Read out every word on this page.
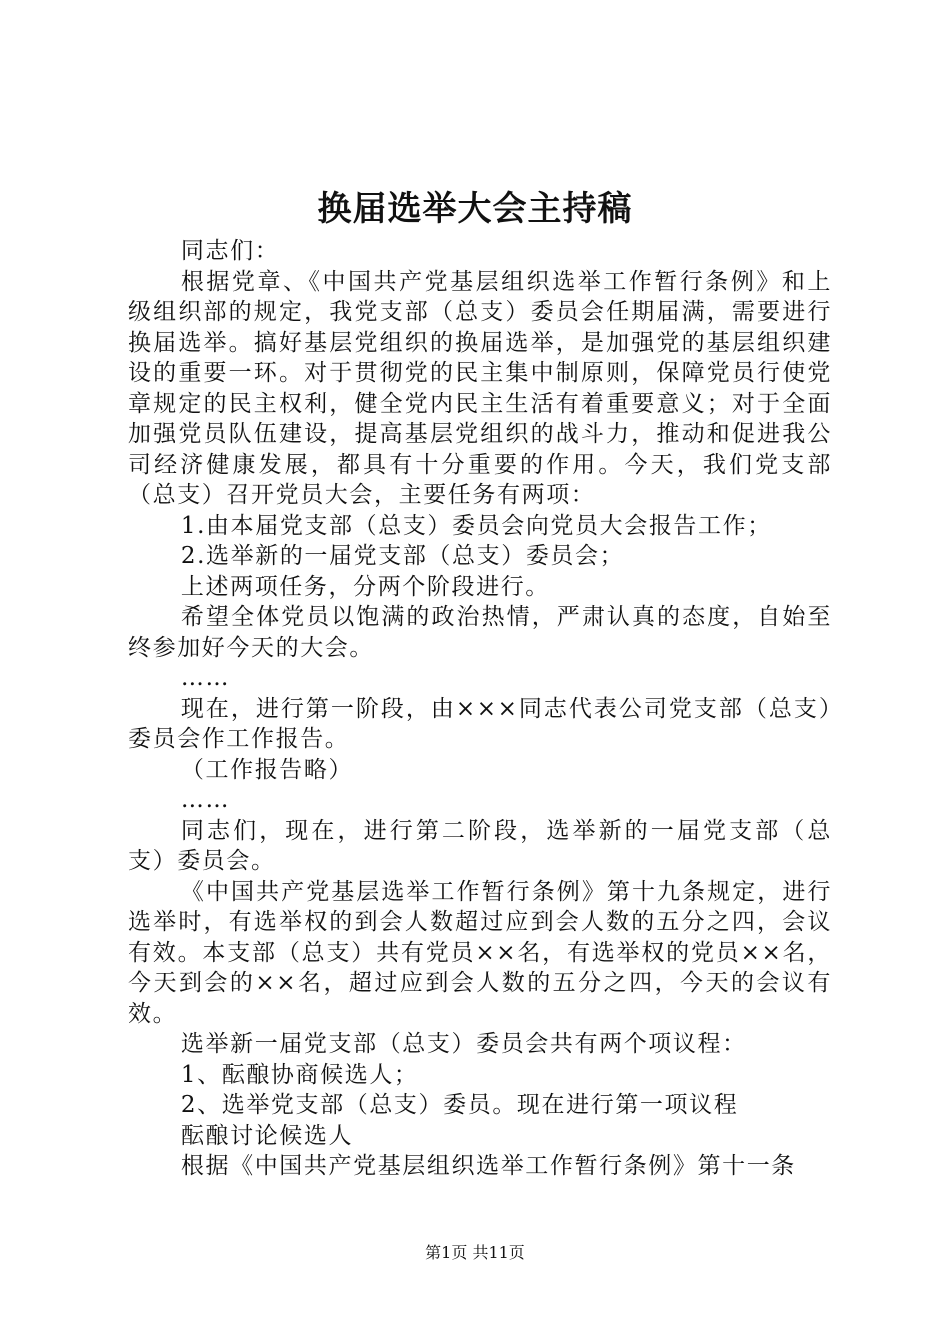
换届选举大会主持稿

同志们：

根据党章、《中国共产党基层组织选举工作暂行条例》和上级组织部的规定，我党支部（总支）委员会任期届满，需要进行换届选举。搞好基层党组织的换届选举，是加强党的基层组织建设的重要一环。对于贯彻党的民主集中制原则，保障党员行使党章规定的民主权利，健全党内民主生活有着重要意义；对于全面加强党员队伍建设，提高基层党组织的战斗力，推动和促进我公司经济健康发展，都具有十分重要的作用。今天，我们党支部（总支）召开党员大会，主要任务有两项：

1.由本届党支部（总支）委员会向党员大会报告工作；

2.选举新的一届党支部（总支）委员会；

上述两项任务，分两个阶段进行。

希望全体党员以饱满的政治热情，严肃认真的态度，自始至终参加好今天的大会。

……

现在，进行第一阶段，由×××同志代表公司党支部（总支）委员会作工作报告。

（工作报告略）

……

同志们，现在，进行第二阶段，选举新的一届党支部（总支）委员会。

《中国共产党基层选举工作暂行条例》第十九条规定，进行选举时，有选举权的到会人数超过应到会人数的五分之四，会议有效。本支部（总支）共有党员××名，有选举权的党员××名，今天到会的××名，超过应到会人数的五分之四，今天的会议有效。

选举新一届党支部（总支）委员会共有两个项议程：

1、酝酿协商候选人；

2、选举党支部（总支）委员。现在进行第一项议程

酝酿讨论候选人

根据《中国共产党基层组织选举工作暂行条例》第十一条

第1页 共11页
